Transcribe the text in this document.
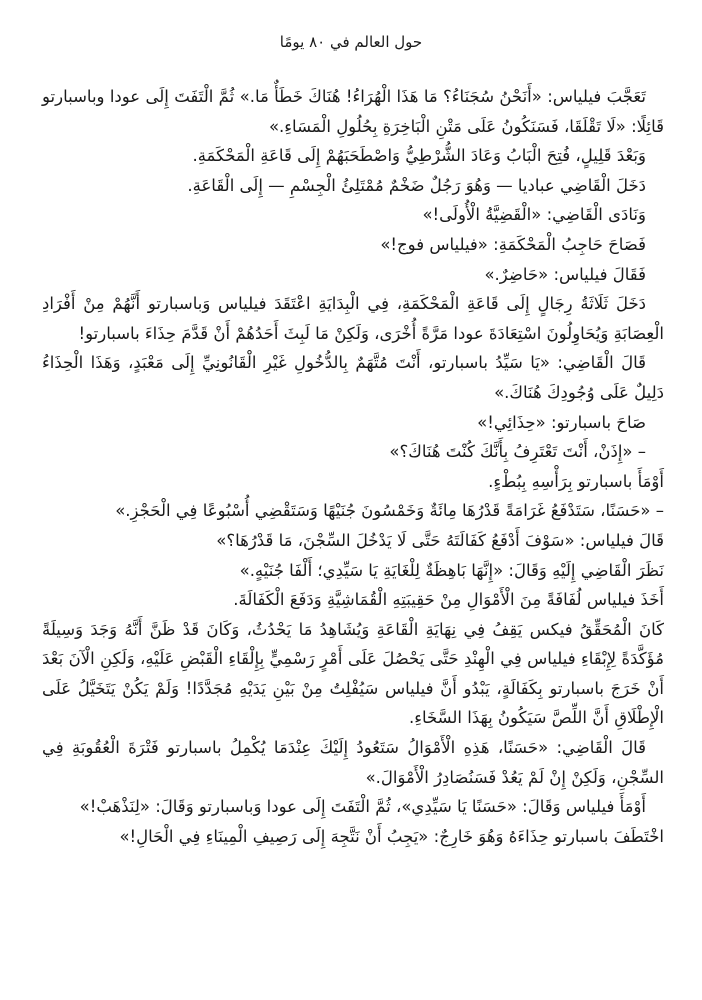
حول العالم في ٨٠ يومًا

تَعَجَّبَ فيلياس: «أَنَحْنُ سُجَنَاءُ؟ مَا هَذَا الْهُرَاءُ! هُنَاكَ خَطَأٌ مَا.» ثُمَّ الْتَفَتَ إِلَى عودا وباسبارتو قَائِلًا: «لَا تَقْلَقَا، فَسَنَكُونُ عَلَى مَتْنِ الْبَاخِرَةِ بِحُلُولِ الْمَسَاءِ.»

وَبَعْدَ قَلِيلٍ، فُتِحَ الْبَابُ وَعَادَ الشُّرْطِيُّ وَاصْطَحَبَهُمْ إِلَى قَاعَةِ الْمَحْكَمَةِ.

دَخَلَ الْقَاضِي عباديا — وَهُوَ رَجُلٌ ضَخْمٌ مُمْتَلِئُ الْجِسْمِ — إِلَى الْقَاعَةِ.

وَنَادَى الْقَاضِي: «الْقَضِيَّةُ الْأُولَى!»

فَصَاحَ حَاجِبُ الْمَحْكَمَةِ: «فيلياس فوج!»

فَقَالَ فيلياس: «حَاضِرٌ.»

دَخَلَ ثَلَاثَةُ رِجَالٍ إِلَى قَاعَةِ الْمَحْكَمَةِ، فِي الْبِدَايَةِ اعْتَقَدَ فيلياس وَباسبارتو أَنَّهُمْ مِنْ أَفْرَادِ الْعِصَابَةِ وَيُحَاوِلُونَ اسْتِعَادَةَ عودا مَرَّةً أُخْرَى، وَلَكِنْ مَا لَبِثَ أَحَدُهُمْ أَنْ قَدَّمَ حِذَاءَ باسبارتو!

قَالَ الْقَاضِي: «يَا سَيِّدُ باسبارتو، أَنْتَ مُتَّهَمٌ بِالدُّخُولِ غَيْرِ الْقَانُونِيِّ إِلَى مَعْبَدٍ، وَهَذَا الْحِذَاءُ دَلِيلٌ عَلَى وُجُودِكَ هُنَاكَ.»

صَاحَ باسبارتو: «حِذَائِي!»

– «إِذَنْ، أَنْتَ تَعْتَرِفُ بِأَنَّكَ كُنْتَ هُنَاكَ؟»

أَوْمَأَ باسبارتو بِرَأْسِهِ بِبُطْءٍ.

– «حَسَنًا، سَتَدْفَعُ غَرَامَةً قَدْرُهَا مِائَةٌ وَخَمْسُونَ جُنَيْهًا وَسَتَقْضِي أُسْبُوعًا فِي الْحَجْزِ.»

قَالَ فيلياس: «سَوْفَ أَدْفَعُ كَفَالَتَهُ حَتَّى لَا يَدْخُلَ السِّجْنَ، مَا قَدْرُهَا؟»

نَظَرَ الْقَاضِي إِلَيْهِ وَقَالَ: «إِنَّهَا بَاهِظَةٌ لِلْغَايَةِ يَا سَيِّدِي؛ أَلْفَا جُنَيْهٍ.»

أَخَذَ فيلياس لُفَافَةً مِنَ الْأَمْوَالِ مِنْ حَقِيبَتِهِ الْقُمَاشِيَّةِ وَدَفَعَ الْكَفَالَةَ.

كَانَ الْمُحَقِّقُ فيكس يَقِفُ فِي نِهَايَةِ الْقَاعَةِ وَيُشَاهِدُ مَا يَحْدُثُ، وَكَانَ قَدْ ظَنَّ أَنَّهُ وَجَدَ وَسِيلَةً مُؤَكَّدَةً لِإِبْقَاءِ فيلياس فِي الْهِنْدِ حَتَّى يَحْصُلَ عَلَى أَمْرٍ رَسْمِيٍّ بِإِلْقَاءِ الْقَبْضِ عَلَيْهِ، وَلَكِنِ الْآنَ بَعْدَ أَنْ خَرَجَ باسبارتو بِكَفَالَةٍ، يَبْدُو أَنَّ فيلياس سَيُفْلِتُ مِنْ بَيْنِ يَدَيْهِ مُجَدَّدًا! وَلَمْ يَكُنْ يَتَخَيَّلُ عَلَى الْإِطْلَاقِ أَنَّ اللِّصَّ سَيَكُونُ بِهَذَا السَّخَاءِ.

قَالَ الْقَاضِي: «حَسَنًا، هَذِهِ الْأَمْوَالُ سَتَعُودُ إِلَيْكَ عِنْدَمَا يُكْمِلُ باسبارتو فَتْرَةَ الْعُقُوبَةِ فِي السِّجْنِ، وَلَكِنْ إِنْ لَمْ يَعُدْ فَسَنُصَادِرُ الْأَمْوَالَ.»

أَوْمَأَ فيلياس وَقَالَ: «حَسَنًا يَا سَيِّدِي»، ثُمَّ الْتَفَتَ إِلَى عودا وَباسبارتو وَقَالَ: «لِنَذْهَبْ!»

اخْتَطَفَ باسبارتو حِذَاءَهُ وَهُوَ خَارِجٌ: «يَجِبُ أَنْ نَتَّجِهَ إِلَى رَصِيفِ الْمِينَاءِ فِي الْحَالِ!»
